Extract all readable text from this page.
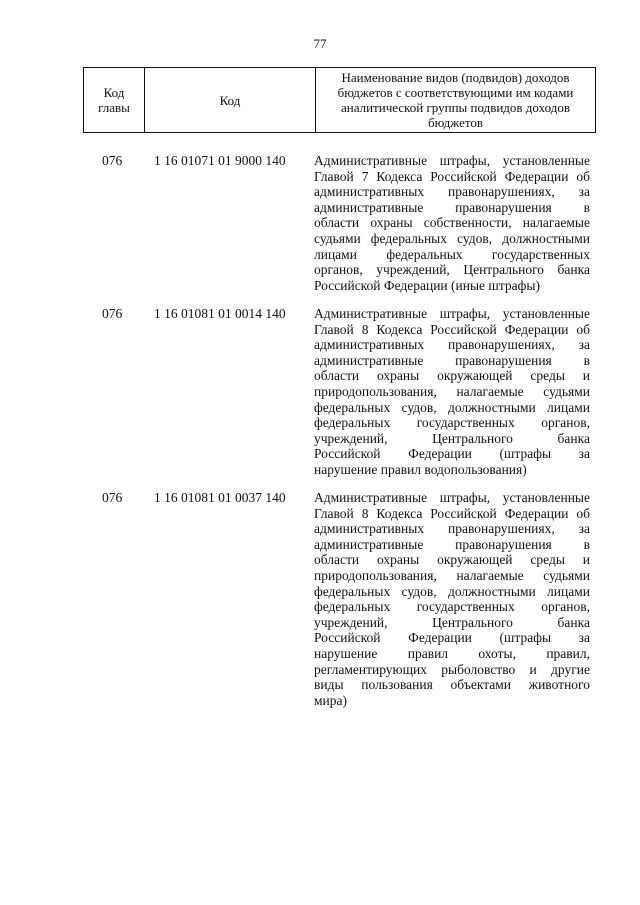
77
Код
главы	Код	Наименование видов (подвидов) доходов
бюджетов с соответствующими им кодами
аналитической группы подвидов доходов
бюджетов
076 1 16 01071 01 9000 140 Административные штрафы, установленные
Главой 7 Кодекса Российской Федерации об
административных правонарушениях, за
административные правонарушения в
области охраны собственности, налагаемые
судьями федеральных судов, должностными
лицами федеральных государственных
органов, учреждений, Центрального банка
Российской Федерации (иные штрафы)
076 1 16 01081 01 0014 140 Административные штрафы, установленные
Главой 8 Кодекса Российской Федерации об
административных правонарушениях, за
административные правонарушения в
области охраны окружающей среды и
природопользования, налагаемые судьями
федеральных судов, должностными лицами
федеральных государственных органов,
учреждений, Центрального банка
Российской Федерации (штрафы за
нарушение правил водопользования)
076 1 16 01081 01 0037 140 Административные штрафы, установленные
Главой 8 Кодекса Российской Федерации об
административных правонарушениях, за
административные правонарушения в
области охраны окружающей среды и
природопользования, налагаемые судьями
федеральных судов, должностными лицами
федеральных государственных органов,
учреждений, Центрального банка
Российской Федерации (штрафы за
нарушение правил охоты, правил,
регламентирующих рыболовство и другие
виды пользования объектами животного
мира)
